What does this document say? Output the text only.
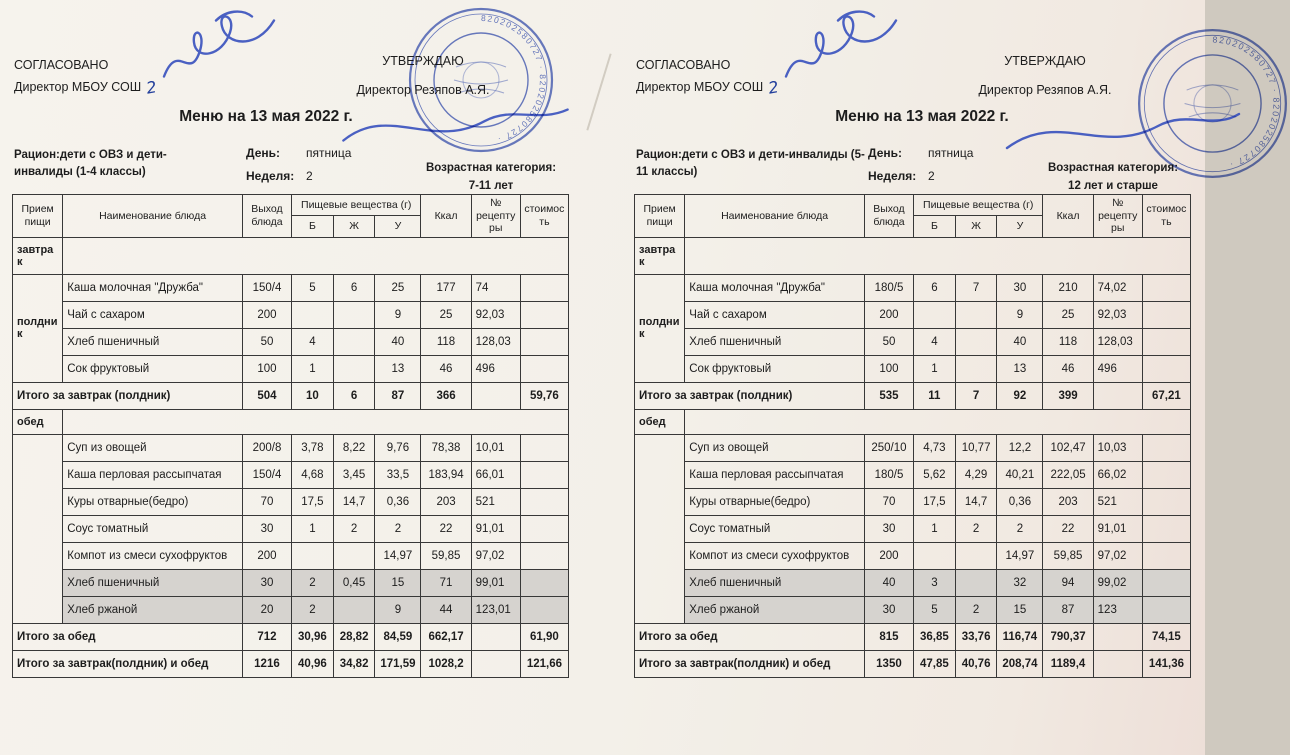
СОГЛАСОВАНО
Директор МБОУ СОШ 2
УТВЕРЖДАЮ
Директор Резяпов А.Я.
Меню на 13 мая 2022 г.
Рацион:дети с ОВЗ и дети-инвалиды (1-4 классы)
День: пятница
Неделя: 2
Возрастная категория:
7-11 лет
Прием пищи	Наименование блюда	Выход блюда	Пищевые вещества (г)			Ккал	№ рецептуры	стоимость
			Б	Ж	У			
завтрак								
полдник	Каша молочная "Дружба"	150/4	5	6	25	177	74	
	Чай с сахаром	200			9	25	92,03	
	Хлеб пшеничный	50	4		40	118	128,03	
	Сок фруктовый	100	1		13	46	496	
Итого за завтрак (полдник)		504	10	6	87	366		59,76
обед								
	Суп из овощей	200/8	3,78	8,22	9,76	78,38	10,01	
	Каша перловая рассыпчатая	150/4	4,68	3,45	33,5	183,94	66,01	
	Куры отварные(бедро)	70	17,5	14,7	0,36	203	521	
	Соус томатный	30	1	2	2	22	91,01	
	Компот из смеси сухофруктов	200			14,97	59,85	97,02	
	Хлеб пшеничный	30	2	0,45	15	71	99,01	
	Хлеб ржаной	20	2		9	44	123,01	
Итого за обед		712	30,96	28,82	84,59	662,17		61,90
Итого за завтрак(полдник) и обед		1216	40,96	34,82	171,59	1028,2		121,66
820202580727 · 820202580727 ·
СОГЛАСОВАНО
Директор МБОУ СОШ 2
УТВЕРЖДАЮ
Директор Резяпов А.Я.
Меню на 13 мая 2022 г.
Рацион:дети с ОВЗ и дети-инвалиды (5-11 классы)
День: пятница
Неделя: 2
Возрастная категория:
12 лет и старше
Прием пищи	Наименование блюда	Выход блюда	Пищевые вещества (г)			Ккал	№ рецептуры	стоимость
			Б	Ж	У			
завтрак								
полдник	Каша молочная "Дружба"	180/5	6	7	30	210	74,02	
	Чай с сахаром	200			9	25	92,03	
	Хлеб пшеничный	50	4		40	118	128,03	
	Сок фруктовый	100	1		13	46	496	
Итого за завтрак (полдник)		535	11	7	92	399		67,21
обед								
	Суп из овощей	250/10	4,73	10,77	12,2	102,47	10,03	
	Каша перловая рассыпчатая	180/5	5,62	4,29	40,21	222,05	66,02	
	Куры отварные(бедро)	70	17,5	14,7	0,36	203	521	
	Соус томатный	30	1	2	2	22	91,01	
	Компот из смеси сухофруктов	200			14,97	59,85	97,02	
	Хлеб пшеничный	40	3		32	94	99,02	
	Хлеб ржаной	30	5	2	15	87	123	
Итого за обед		815	36,85	33,76	116,74	790,37		74,15
Итого за завтрак(полдник) и обед		1350	47,85	40,76	208,74	1189,4		141,36
820202580727 · 820202580727 ·
